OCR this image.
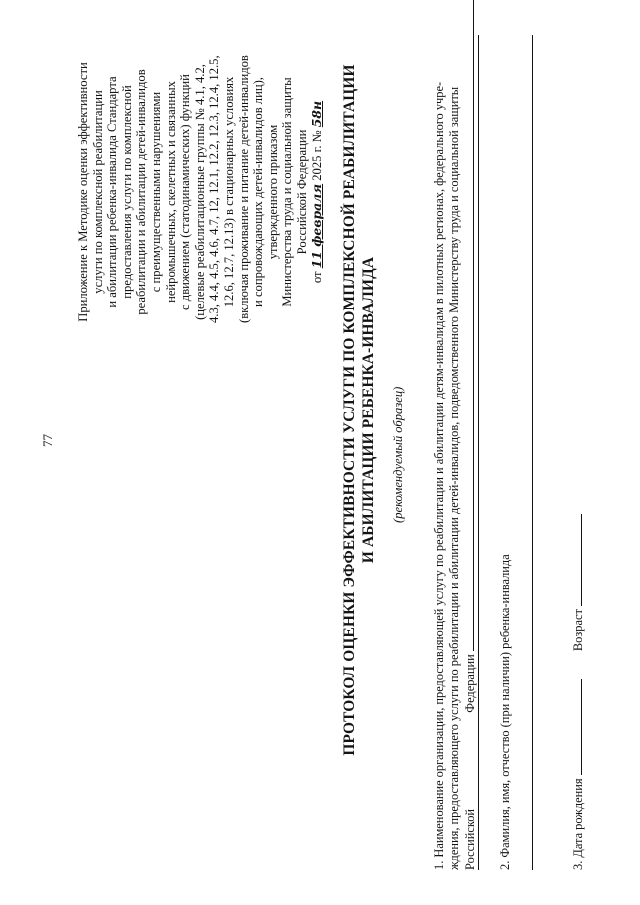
77
Приложение к Методике оценки эффективности услуги по комплексной реабилитации и абилитации ребенка-инвалида Стандарта предоставления услуги по комплексной реабилитации и абилитации детей-инвалидов с преимущественными нарушениями нейромышечных, скелетных и связанных с движением (статодинамических) функций (целевые реабилитационные группы № 4.1, 4.2, 4.3, 4.4, 4.5, 4.6, 4.7, 12, 12.1, 12.2, 12.3, 12.4, 12.5, 12.6, 12.7, 12.13) в стационарных условиях (включая проживание и питание детей-инвалидов и сопровождающих детей-инвалидов лиц), утвержденного приказом Министерства труда и социальной защиты Российской Федерации
от 11 февраля 2025 г. № 58н ПРОТОКОЛ ОЦЕНКИ ЭФФЕКТИВНОСТИ УСЛУГИ ПО КОМПЛЕКСНОЙ РЕАБИЛИТАЦИИ И АБИЛИТАЦИИ РЕБЕНКА-ИНВАЛИДА (рекомендуемый образец) 1. Наименование организации, предоставляющей услугу по реабилитации и абилитации детям-инвалидам в пилотных регионах, федерального учре- ждения, предоставляющего услуги по реабилитации и абилитации детей-инвалидов, подведомственного Министерству труда и социальной защиты Российской  Федерации 2. Фамилия, имя, отчество (при наличии) ребенка-инвалида	3. Дата рождения   Возраст
